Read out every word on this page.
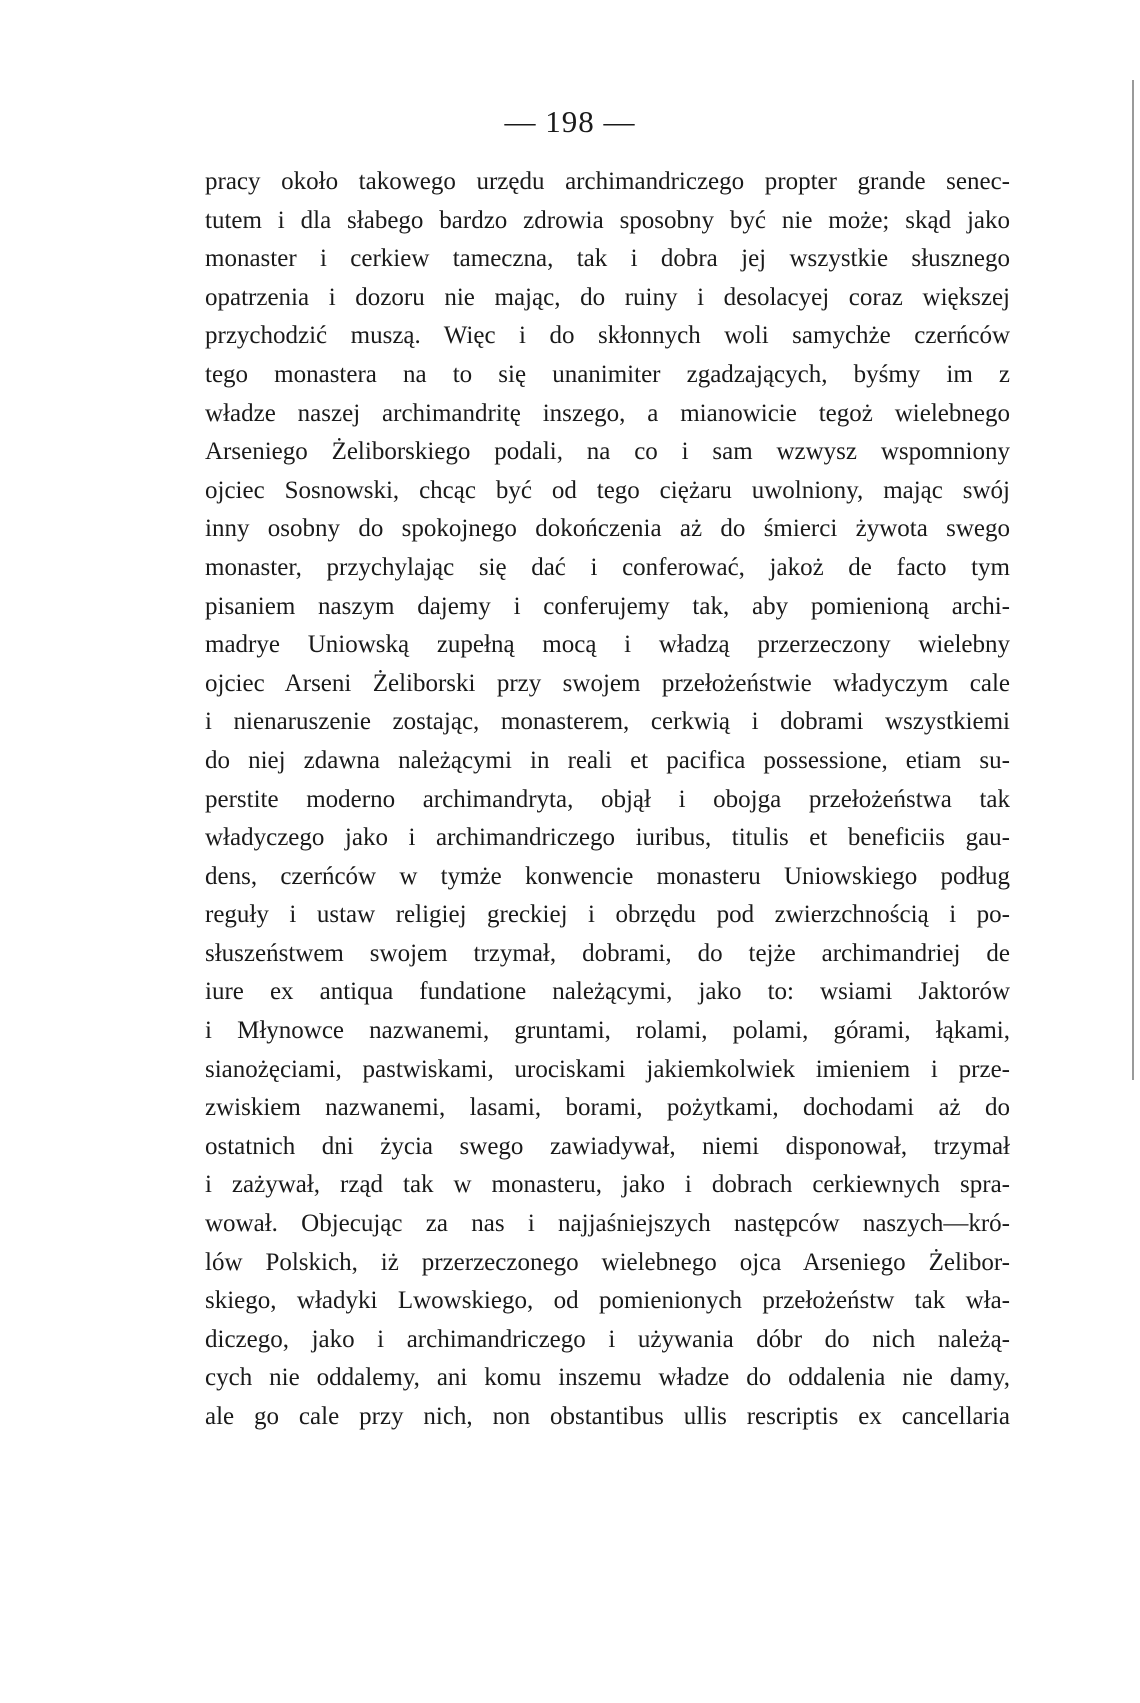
— 198 —
pracy około takowego urzędu archimandriczego propter grande senec-
tutem i dla słabego bardzo zdrowia sposobny być nie może; skąd jako
monaster i cerkiew tameczna, tak i dobra jej wszystkie słusznego
opatrzenia i dozoru nie mając, do ruiny i desolacyej coraz większej
przychodzić muszą. Więc i do skłonnych woli samychże czerńców
tego monastera na to się unanimiter zgadzających, byśmy im z
władze naszej archimandritę inszego, a mianowicie tegoż wielebnego
Arseniego Żeliborskiego podali, na co i sam wzwysz wspomniony
ojciec Sosnowski, chcąc być od tego ciężaru uwolniony, mając swój
inny osobny do spokojnego dokończenia aż do śmierci żywota swego
monaster, przychylając się dać i conferować, jakoż de facto tym
pisaniem naszym dajemy i conferujemy tak, aby pomienioną archi-
madrye Uniowską zupełną mocą i władzą przerzeczony wielebny
ojciec Arseni Żeliborski przy swojem przełożeństwie władyczym cale
i nienaruszenie zostając, monasterem, cerkwią i dobrami wszystkiemi
do niej zdawna należącymi in reali et pacifica possessione, etiam su-
perstite moderno archimandryta, objął i obojga przełożeństwa tak
władyczego jako i archimandriczego iuribus, titulis et beneficiis gau-
dens, czerńców w tymże konwencie monasteru Uniowskiego podług
reguły i ustaw religiej greckiej i obrzędu pod zwierzchnością i po-
słuszeństwem swojem trzymał, dobrami, do tejże archimandriej de
iure ex antiqua fundatione należącymi, jako to: wsiami Jaktorów
i Młynowce nazwanemi, gruntami, rolami, polami, górami, łąkami,
sianożęciami, pastwiskami, urociskami jakiemkolwiek imieniem i prze-
zwiskiem nazwanemi, lasami, borami, pożytkami, dochodami aż do
ostatnich dni życia swego zawiadywał, niemi disponował, trzymał
i zażywał, rząd tak w monasteru, jako i dobrach cerkiewnych spra-
wował. Objecując za nas i najjaśniejszych następców naszych—kró-
lów Polskich, iż przerzeczonego wielebnego ojca Arseniego Żelibor-
skiego, władyki Lwowskiego, od pomienionych przełożeństw tak wła-
diczego, jako i archimandriczego i używania dóbr do nich należą-
cych nie oddalemy, ani komu inszemu władze do oddalenia nie damy,
ale go cale przy nich, non obstantibus ullis rescriptis ex cancellaria
